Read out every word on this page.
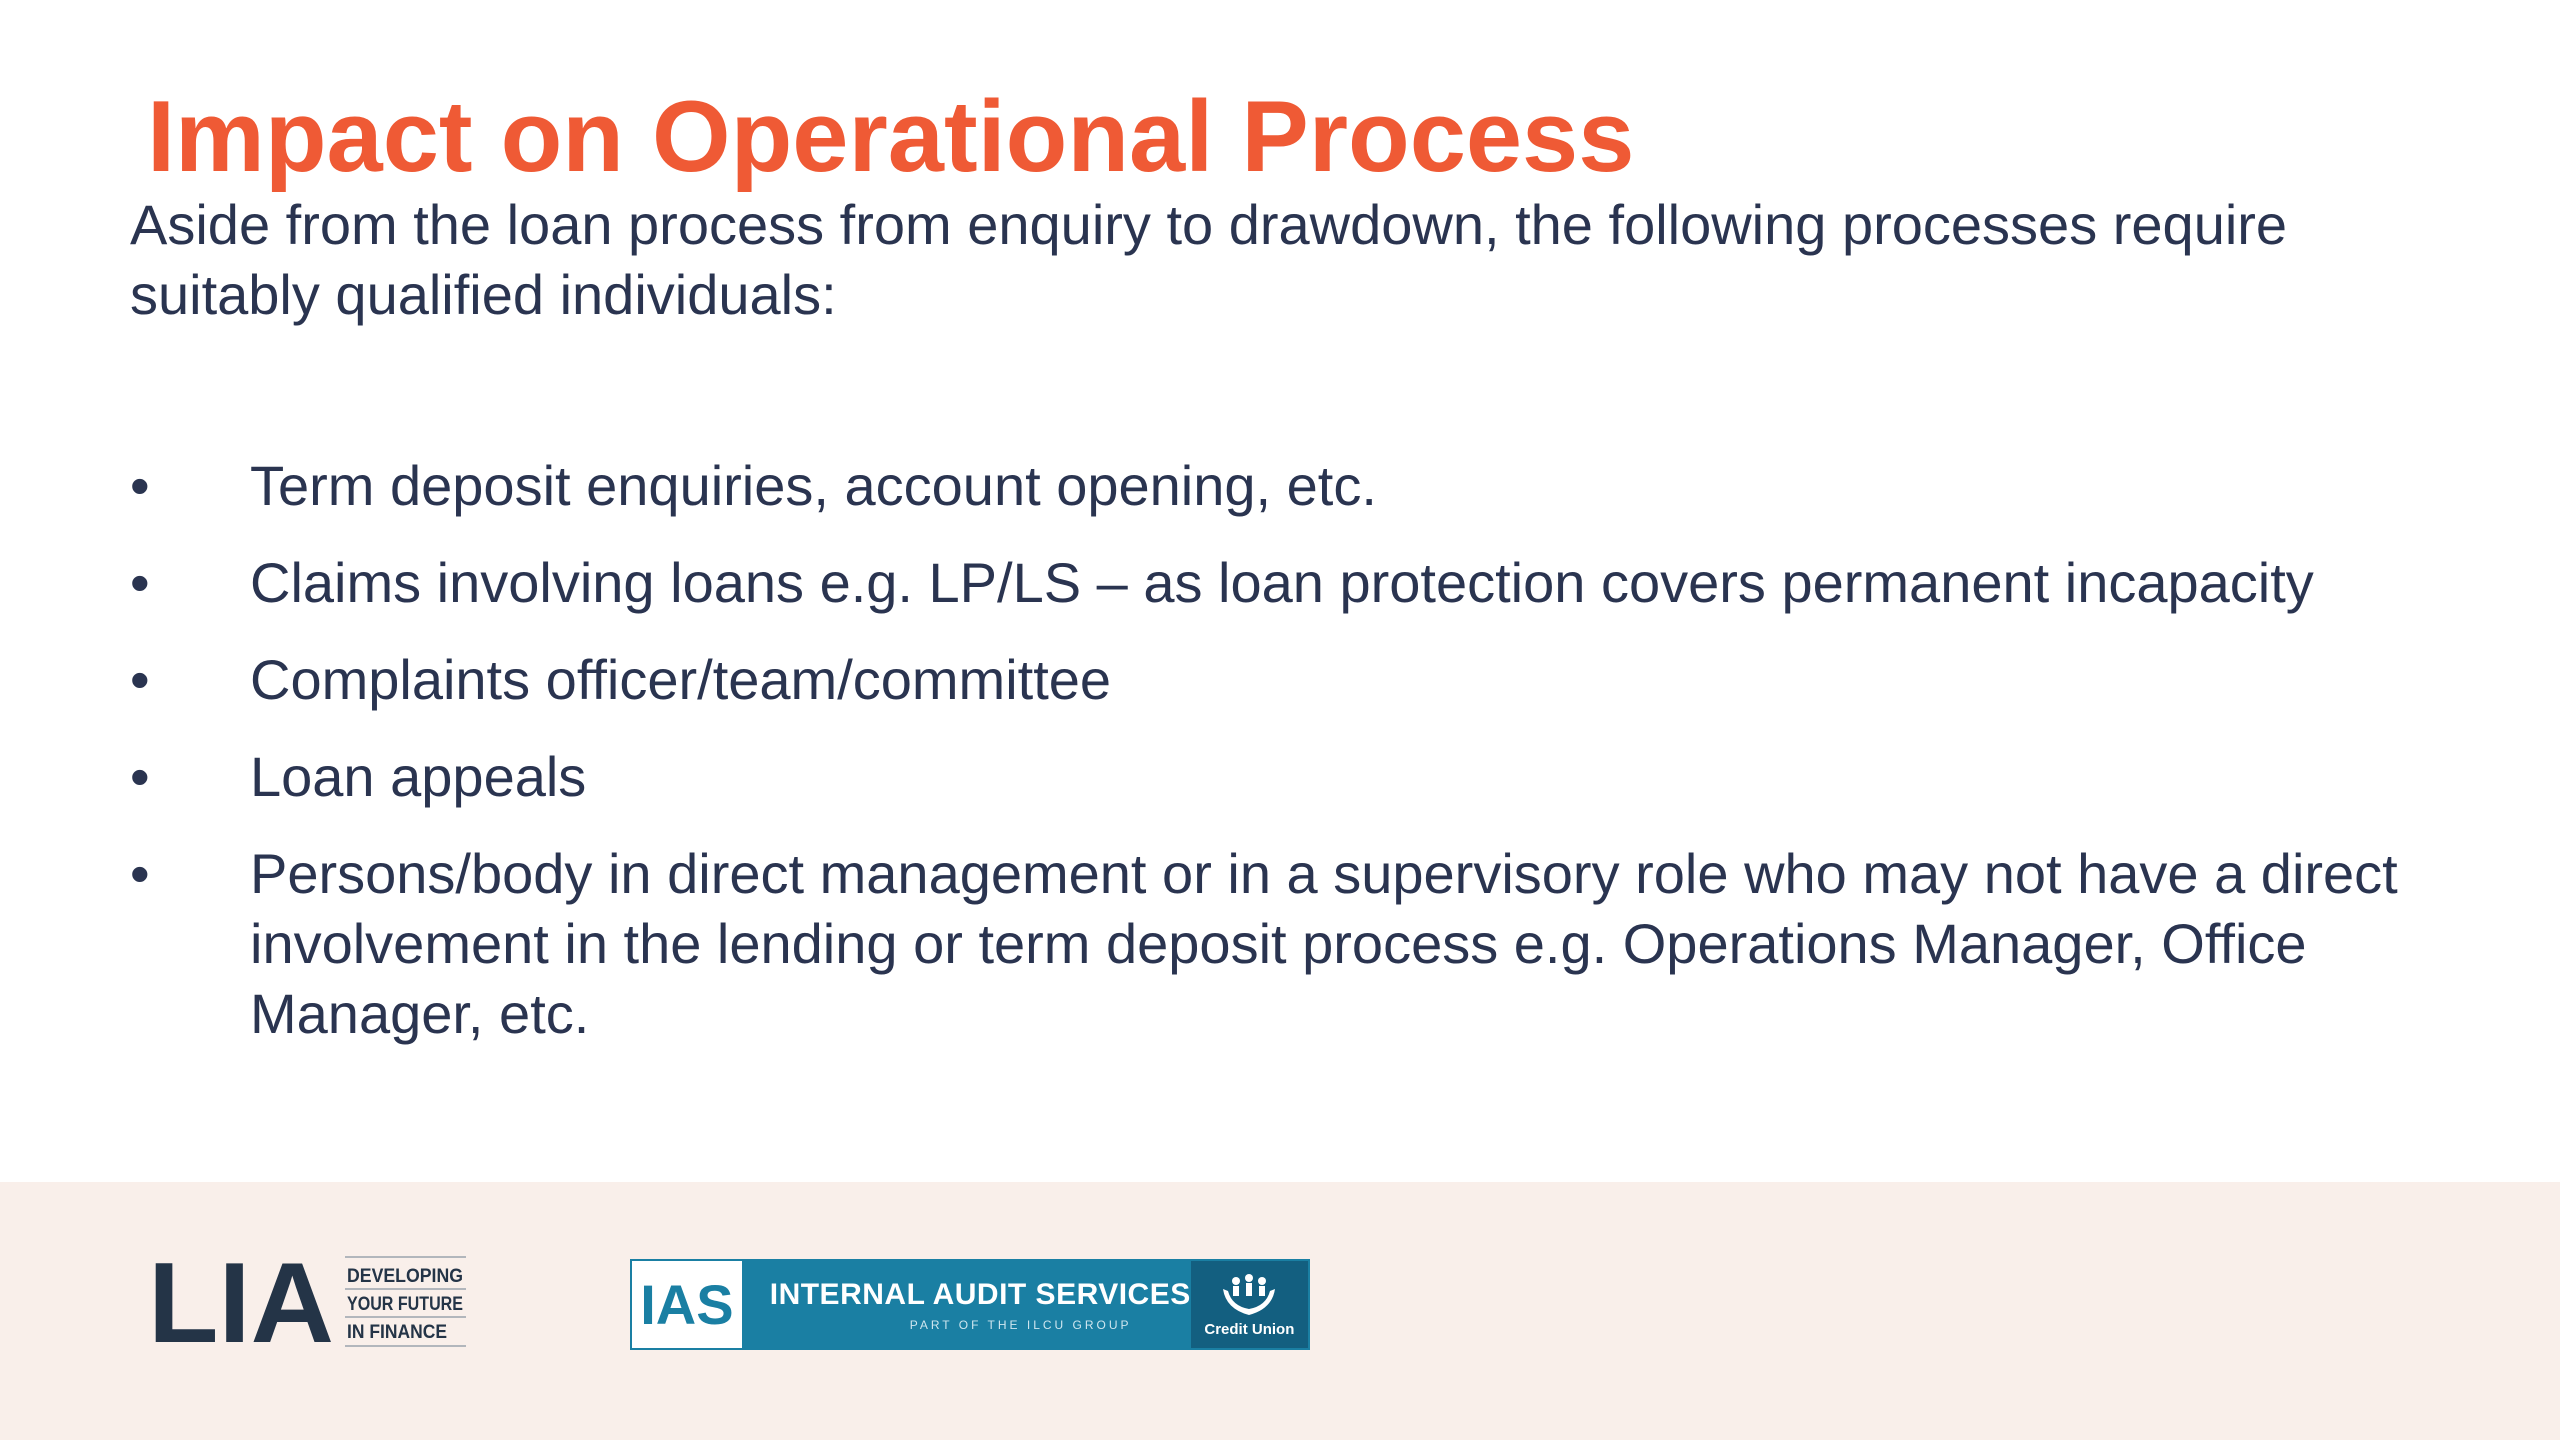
Impact on Operational Process
Aside from the loan process from enquiry to drawdown, the following processes require suitably qualified individuals:
•	Term deposit enquiries, account opening, etc.
•	Claims involving loans e.g. LP/LS – as loan protection covers permanent incapacity
•	Complaints officer/team/committee
•	Loan appeals
•	Persons/body in direct management or in a supervisory role who may not have a direct involvement in the lending or term deposit process e.g. Operations Manager, Office Manager, etc.
LIA DEVELOPING
YOUR FUTURE
IN FINANCE	IAS INTERNAL AUDIT SERVICES
PART OF THE ILCU GROUP	Credit Union
